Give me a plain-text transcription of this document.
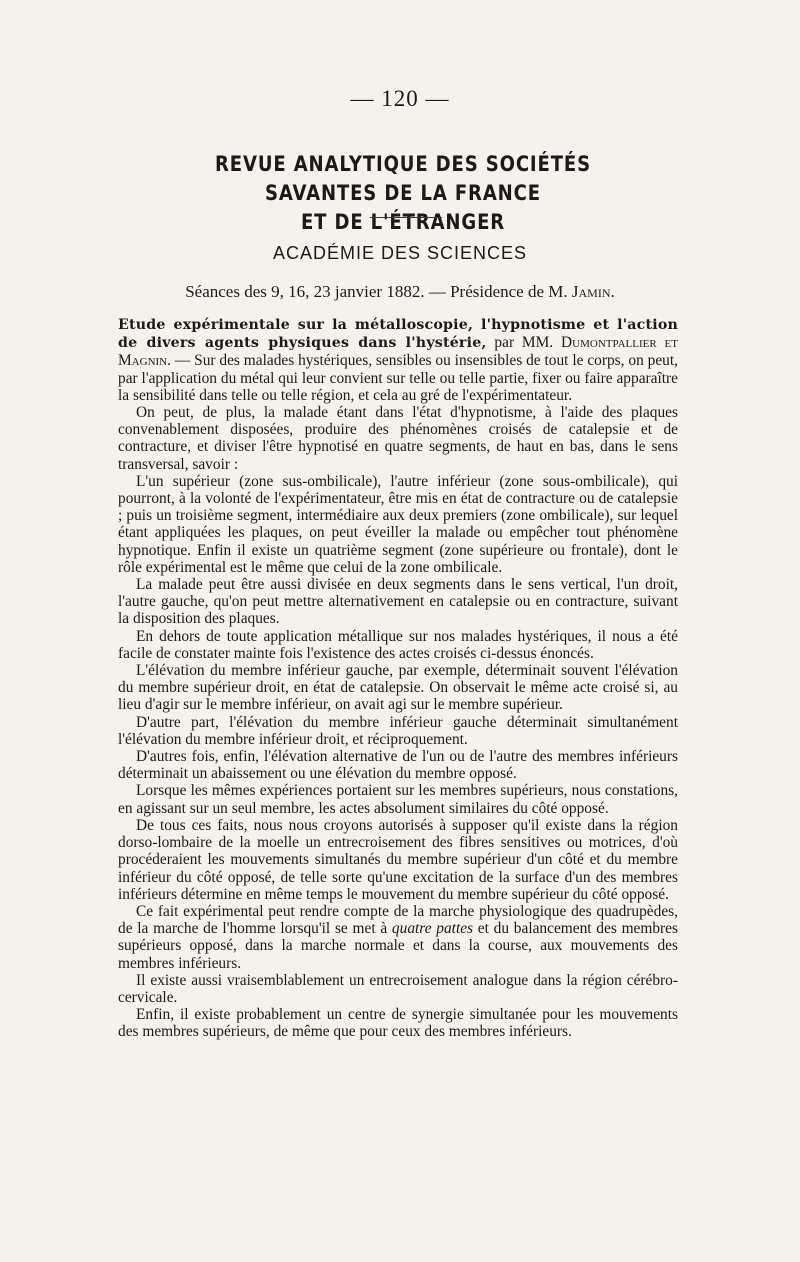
— 120 —
REVUE ANALYTIQUE DES SOCIÉTÉS SAVANTES DE LA FRANCE
ET DE L'ÉTRANGER
ACADÉMIE DES SCIENCES
Séances des 9, 16, 23 janvier 1882. — Présidence de M. Jamin.

Etude expérimentale sur la métalloscopie, l'hypnotisme et l'action de divers agents physiques dans l'hystérie, par MM. Dumontpallier et Magnin. — Sur des malades hystériques, sensibles ou insensibles de tout le corps, on peut, par l'application du métal qui leur convient sur telle ou telle partie, fixer ou faire apparaître la sensibilité dans telle ou telle région, et cela au gré de l'expérimentateur.

On peut, de plus, la malade étant dans l'état d'hypnotisme, à l'aide des plaques convenablement disposées, produire des phénomènes croisés de catalepsie et de contracture, et diviser l'être hypnotisé en quatre segments, de haut en bas, dans le sens transversal, savoir :

L'un supérieur (zone sus-ombilicale), l'autre inférieur (zone sous-ombilicale), qui pourront, à la volonté de l'expérimentateur, être mis en état de contracture ou de catalepsie ; puis un troisième segment, intermédiaire aux deux premiers (zone ombilicale), sur lequel étant appliquées les plaques, on peut éveiller la malade ou empêcher tout phénomène hypnotique. Enfin il existe un quatrième segment (zone supérieure ou frontale), dont le rôle expérimental est le même que celui de la zone ombilicale.

La malade peut être aussi divisée en deux segments dans le sens vertical, l'un droit, l'autre gauche, qu'on peut mettre alternativement en catalepsie ou en contracture, suivant la disposition des plaques.

En dehors de toute application métallique sur nos malades hystériques, il nous a été facile de constater mainte fois l'existence des actes croisés ci-dessus énoncés.

L'élévation du membre inférieur gauche, par exemple, déterminait souvent l'élévation du membre supérieur droit, en état de catalepsie. On observait le même acte croisé si, au lieu d'agir sur le membre inférieur, on avait agi sur le membre supérieur.

D'autre part, l'élévation du membre inférieur gauche déterminait simultanément l'élévation du membre inférieur droit, et réciproquement.

D'autres fois, enfin, l'élévation alternative de l'un ou de l'autre des membres inférieurs déterminait un abaissement ou une élévation du membre opposé.

Lorsque les mêmes expériences portaient sur les membres supérieurs, nous constations, en agissant sur un seul membre, les actes absolument similaires du côté opposé.

De tous ces faits, nous nous croyons autorisés à supposer qu'il existe dans la région dorso-lombaire de la moelle un entrecroisement des fibres sensitives ou motrices, d'où procéderaient les mouvements simultanés du membre supérieur d'un côté et du membre inférieur du côté opposé, de telle sorte qu'une excitation de la surface d'un des membres inférieurs détermine en même temps le mouvement du membre supérieur du côté opposé.

Ce fait expérimental peut rendre compte de la marche physiologique des quadrupèdes, de la marche de l'homme lorsqu'il se met à quatre pattes et du balancement des membres supérieurs opposé, dans la marche normale et dans la course, aux mouvements des membres inférieurs.

Il existe aussi vraisemblablement un entrecroisement analogue dans la région cérébro-cervicale.

Enfin, il existe probablement un centre de synergie simultanée pour les mouvements des membres supérieurs, de même que pour ceux des membres inférieurs.
